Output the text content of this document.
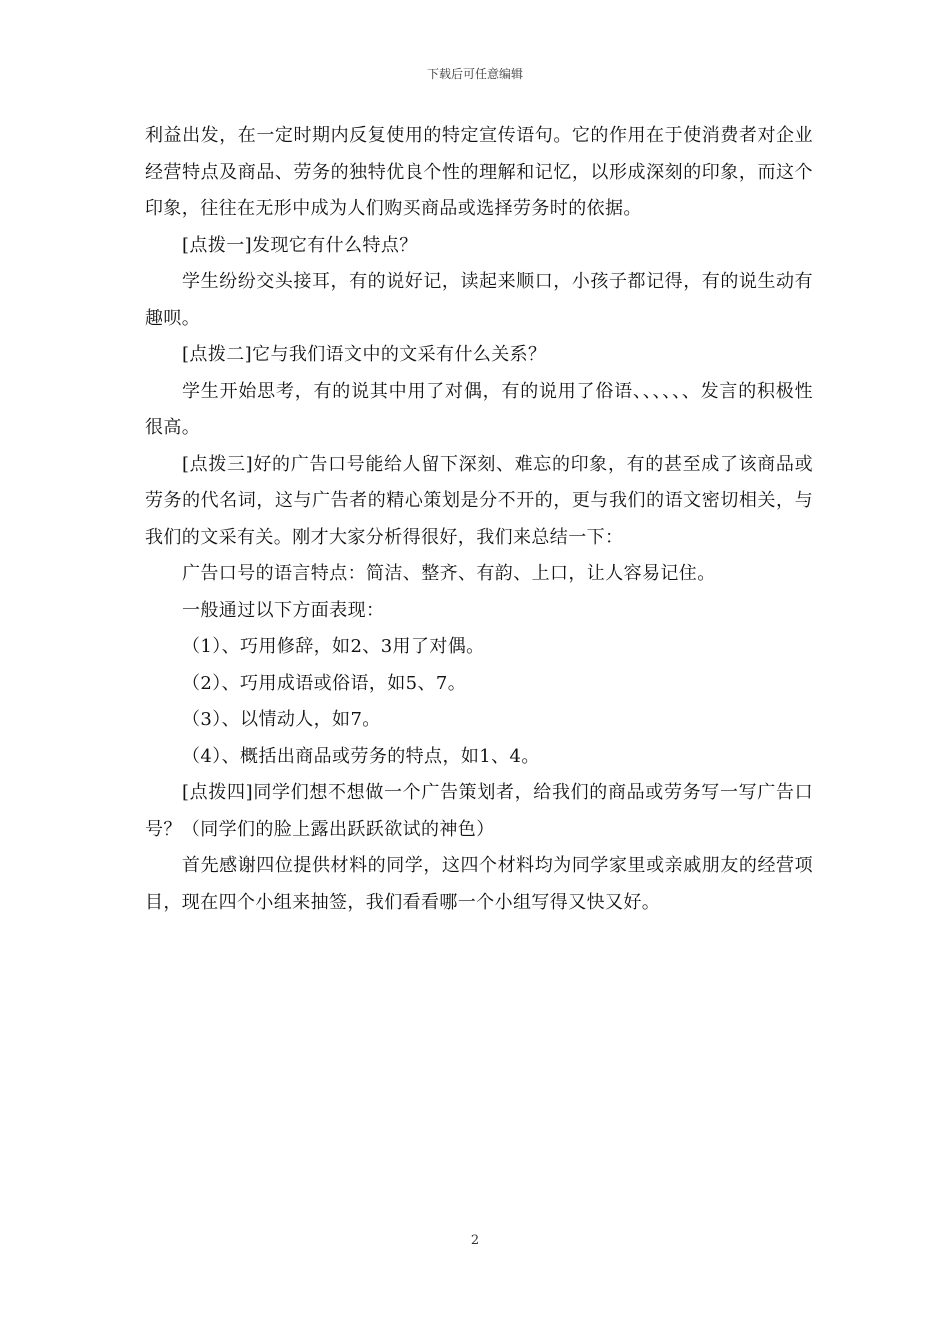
下载后可任意编辑

利益出发，在一定时期内反复使用的特定宣传语句。它的作用在于使消费者对企业经营特点及商品、劳务的独特优良个性的理解和记忆，以形成深刻的印象，而这个印象，往往在无形中成为人们购买商品或选择劳务时的依据。

[点拨一]发现它有什么特点？

学生纷纷交头接耳，有的说好记，读起来顺口，小孩子都记得，有的说生动有趣呗。

[点拨二]它与我们语文中的文采有什么关系？

学生开始思考，有的说其中用了对偶，有的说用了俗语、、、、、、发言的积极性很高。

[点拨三]好的广告口号能给人留下深刻、难忘的印象，有的甚至成了该商品或劳务的代名词，这与广告者的精心策划是分不开的，更与我们的语文密切相关，与我们的文采有关。刚才大家分析得很好，我们来总结一下：

广告口号的语言特点：简洁、整齐、有韵、上口，让人容易记住。

一般通过以下方面表现：

（1）、巧用修辞，如2、3用了对偶。

（2）、巧用成语或俗语，如5、7。

（3）、以情动人，如7。

（4）、概括出商品或劳务的特点，如1、4。

[点拨四]同学们想不想做一个广告策划者，给我们的商品或劳务写一写广告口号？（同学们的脸上露出跃跃欲试的神色）

首先感谢四位提供材料的同学，这四个材料均为同学家里或亲戚朋友的经营项目，现在四个小组来抽签，我们看看哪一个小组写得又快又好。

2
